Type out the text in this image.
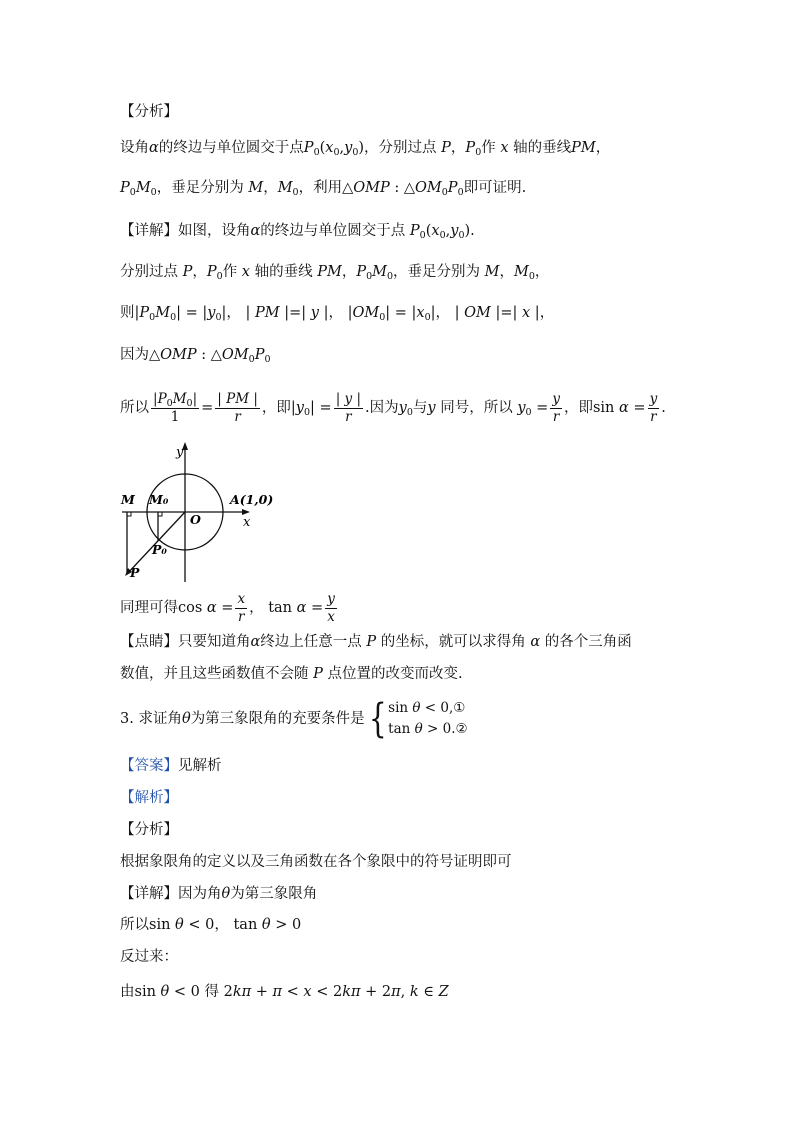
【分析】
设角α的终边与单位圆交于点$P_0(x_0,y_0)$，分别过点 P，$P_0$作 x 轴的垂线PM，
$P_0M_0$，垂足分别为 M，$M_0$，利用△OMP : $\triangle OM_0P_0$即可证明.
【详解】如图，设角α的终边与单位圆交于点 $P_0(x_0,y_0)$.
分别过点 P，$P_0$作 x 轴的垂线 PM，$P_0M_0$，垂足分别为 M，$M_0$，
则$|P_0M_0| = |y_0|$， | PM |=| y |， $|OM_0| = |x_0|$， | OM |=| x |，
因为△OMP : $\triangle OM_0P_0$
所以 $\frac{|P_0M_0|}{1} = \frac{| PM |}{r}$ ，即$|y_0| = \frac{| y |}{r}$ .因为$y_0$与y 同号，所以 $y_0 = \frac{y}{r}$ ，即$\sin \alpha = \frac{y}{r}$ .
y
x
M M₀
O
A(1,0)
P₀
P
同理可得$\cos \alpha = \frac{x}{r}$ ， $\tan \alpha = \frac{y}{x}$
【点睛】只要知道角α终边上任意一点 P 的坐标，就可以求得角 α 的各个三角函
数值，并且这些函数值不会随 P 点位置的改变而改变.
3. 求证角θ为第三象限角的充要条件是{ sin θ < 0,①
tan θ > 0.②
【答案】见解析
【解析】
【分析】
根据象限角的定义以及三角函数在各个象限中的符号证明即可
【详解】因为角θ为第三象限角
所以sin θ < 0， tan θ > 0
反过来：
由sin θ < 0 得 2kπ + π < x < 2kπ + 2π, k ∈ Z
